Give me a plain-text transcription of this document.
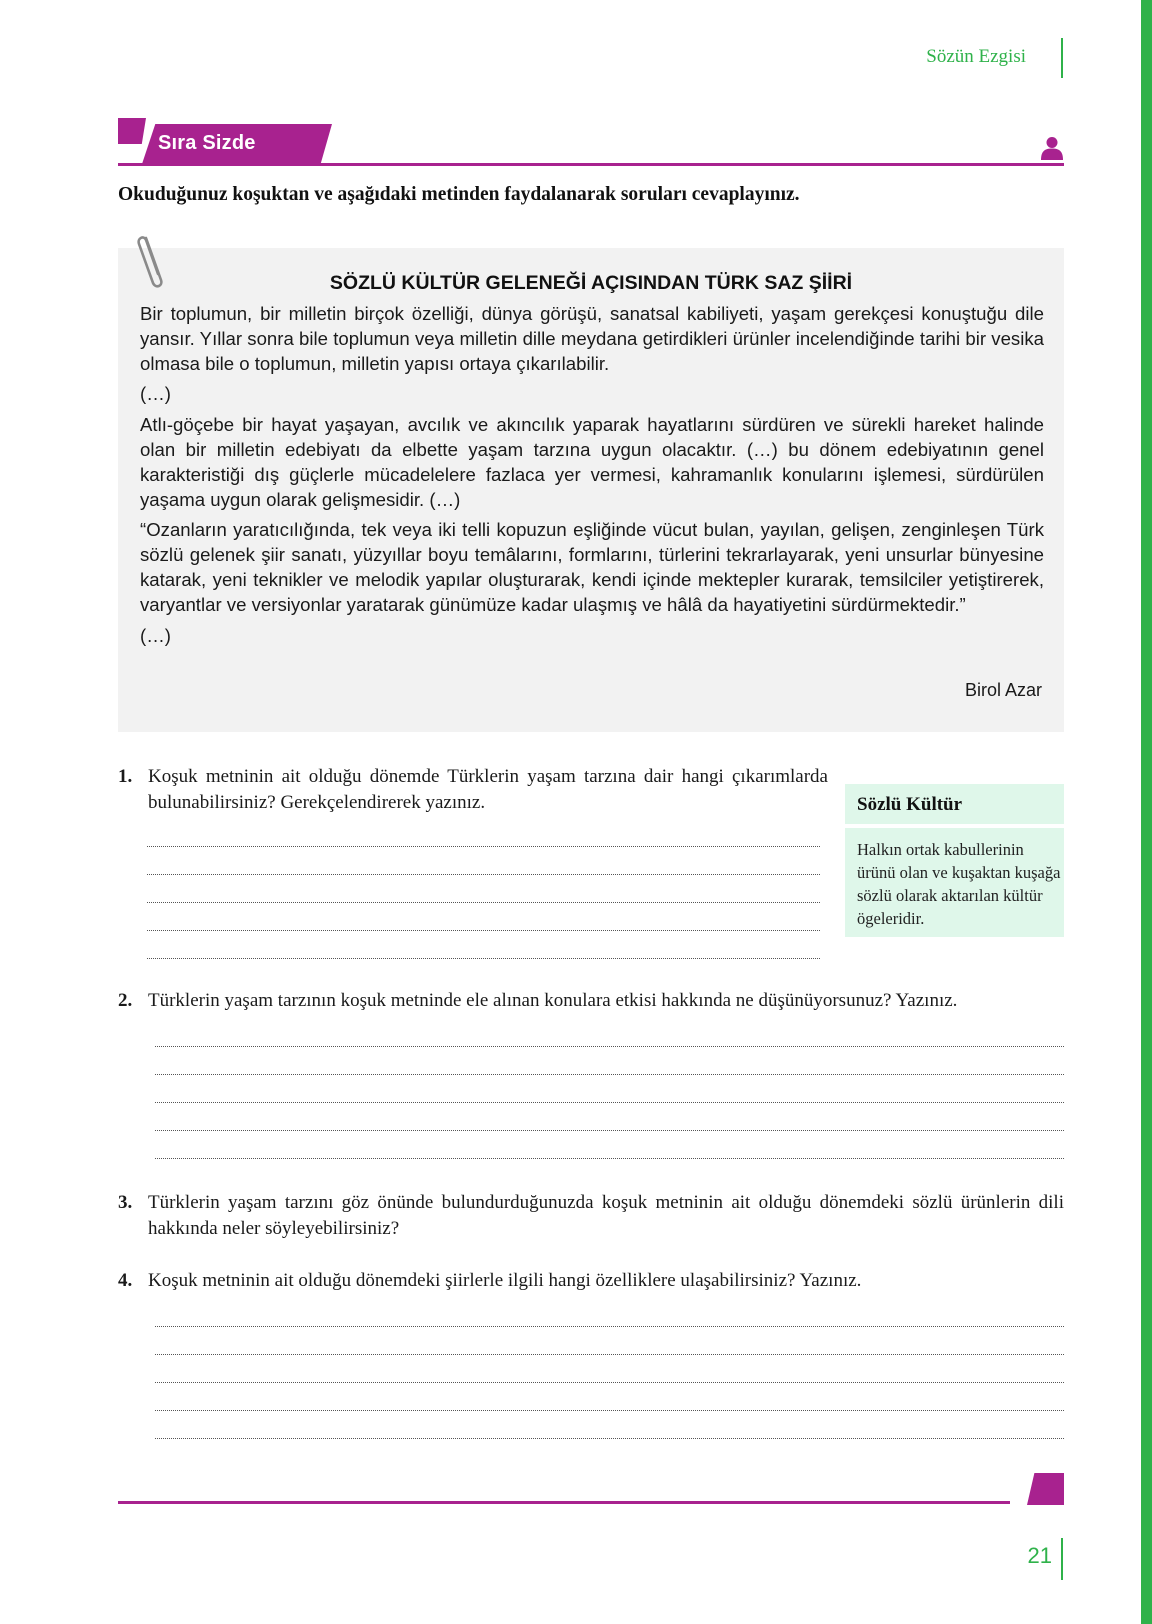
Sözün Ezgisi
Sıra Sizde
Okuduğunuz koşuktan ve aşağıdaki metinden faydalanarak soruları cevaplayınız.
SÖZLÜ KÜLTÜR GELENEĞİ AÇISINDAN TÜRK SAZ ŞİİRİ

Bir toplumun, bir milletin birçok özelliği, dünya görüşü, sanatsal kabiliyeti, yaşam gerekçesi konuştuğu dile yansır. Yıllar sonra bile toplumun veya milletin dille meydana getirdikleri ürünler incelendiğinde tarihi bir vesika olmasa bile o toplumun, milletin yapısı ortaya çıkarılabilir.

(…)

Atlı-göçebe bir hayat yaşayan, avcılık ve akıncılık yaparak hayatlarını sürdüren ve sürekli hareket halinde olan bir milletin edebiyatı da elbette yaşam tarzına uygun olacaktır. (…) bu dönem edebiyatının genel karakteristiği dış güçlerle mücadelelere fazlaca yer vermesi, kahramanlık konularını işlemesi, sürdürülen yaşama uygun olarak gelişmesidir. (…)

“Ozanların yaratıcılığında, tek veya iki telli kopuzun eşliğinde vücut bulan, yayılan, gelişen, zenginleşen Türk sözlü gelenek şiir sanatı, yüzyıllar boyu temâlarını, formlarını, türlerini tekrarlayarak, yeni unsurlar bünyesine katarak, yeni teknikler ve melodik yapılar oluşturarak, kendi içinde mektepler kurarak, temsilciler yetiştirerek, varyantlar ve versiyonlar yaratarak günümüze kadar ulaşmış ve hâlâ da hayatiyetini sürdürmektedir.”

(…)

Birol Azar
1. Koşuk metninin ait olduğu dönemde Türklerin yaşam tarzına dair hangi çıkarımlarda bulunabilirsiniz? Gerekçelendirerek yazınız.	Sözlü Kültür
Halkın ortak kabullerinin ürünü olan ve kuşaktan kuşağa sözlü olarak aktarılan kültür ögeleridir.
2. Türklerin yaşam tarzının koşuk metninde ele alınan konulara etkisi hakkında ne düşünüyorsunuz? Yazınız.
3. Türklerin yaşam tarzını göz önünde bulundurduğunuzda koşuk metninin ait olduğu dönemdeki sözlü ürünlerin dili hakkında neler söyleyebilirsiniz?
4. Koşuk metninin ait olduğu dönemdeki şiirlerle ilgili hangi özelliklere ulaşabilirsiniz? Yazınız.
21
